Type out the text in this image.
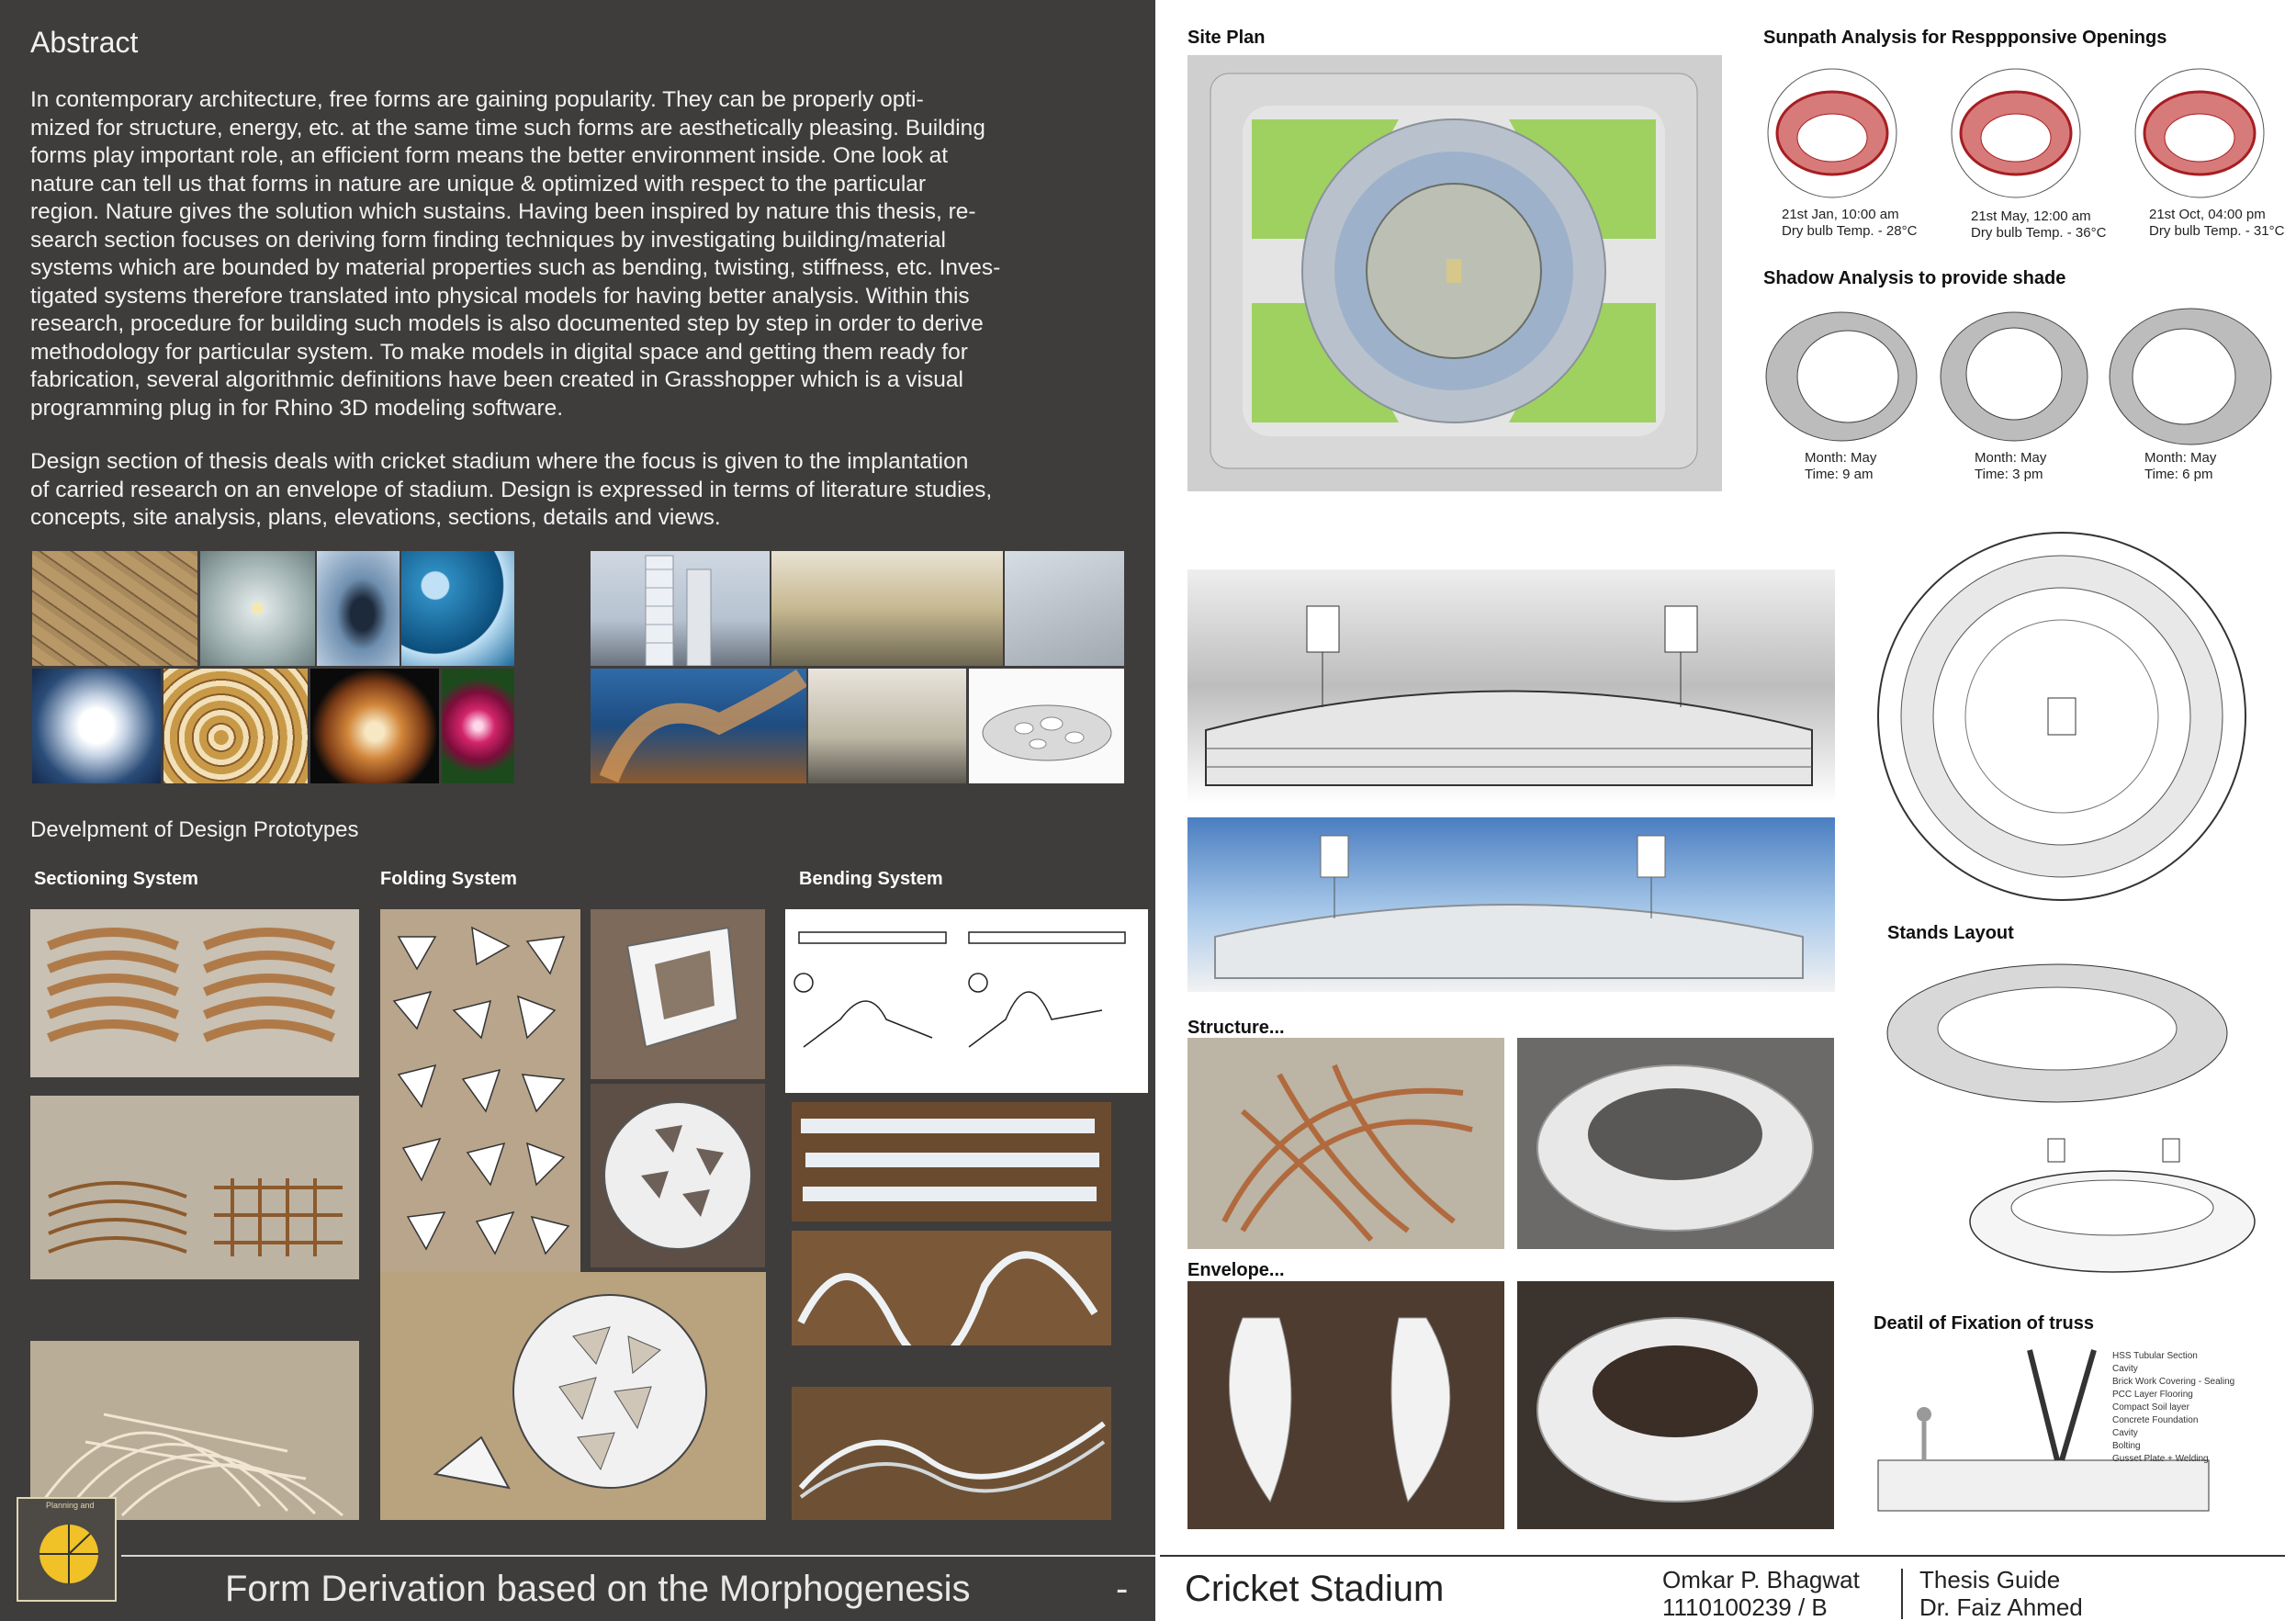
Abstract
In contemporary architecture, free forms are gaining popularity. They can be properly opti-
mized for structure, energy, etc. at the same time such forms are aesthetically pleasing. Building
forms play important role, an efficient form means the better environment inside. One look at
nature can tell us that forms in nature are unique & optimized with respect to the particular
region. Nature gives the solution which sustains. Having been inspired by nature this thesis, re-
search section focuses on deriving form finding techniques by investigating building/material
systems which are bounded by material properties such as bending, twisting, stiffness, etc. Inves-
tigated systems therefore translated into physical models for having better analysis. Within this
research, procedure for building such models is also documented step by step in order to derive
methodology for particular system. To make models in digital space and getting them ready for
fabrication, several algorithmic definitions have been created in Grasshopper which is a visual
programming plug in for Rhino 3D modeling software.
Design section of thesis deals with cricket stadium where the focus is given to the implantation
of carried research on an envelope of stadium. Design is expressed in terms of literature studies,
concepts, site analysis, plans, elevations, sections, details and views.
Develpment of Design Prototypes
Sectioning System	Folding System	Bending System
Planning and
Site Plan	Sunpath Analysis for Resppponsive Openings
21st Jan, 10:00 am
Dry bulb Temp. - 28°C
21st May, 12:00 am
Dry bulb Temp. - 36°C
21st Oct, 04:00 pm
Dry bulb Temp. - 31°C
Shadow Analysis to provide shade
Month: May
Time: 9 am
Month: May
Time: 3 pm
Month: May
Time: 6 pm
Structure...
Envelope...
Stands Layout
Deatil of Fixation of truss
HSS Tubular Section
Cavity
Brick Work Covering - Sealing
PCC Layer Flooring
Compact Soil layer
Concrete Foundation
Cavity
Bolting
Gusset Plate + Welding
Form Derivation based on the Morphogenesis	- Cricket Stadium	Omkar P. Bhagwat
1110100239 / B
Thesis Guide
Dr. Faiz Ahmed
